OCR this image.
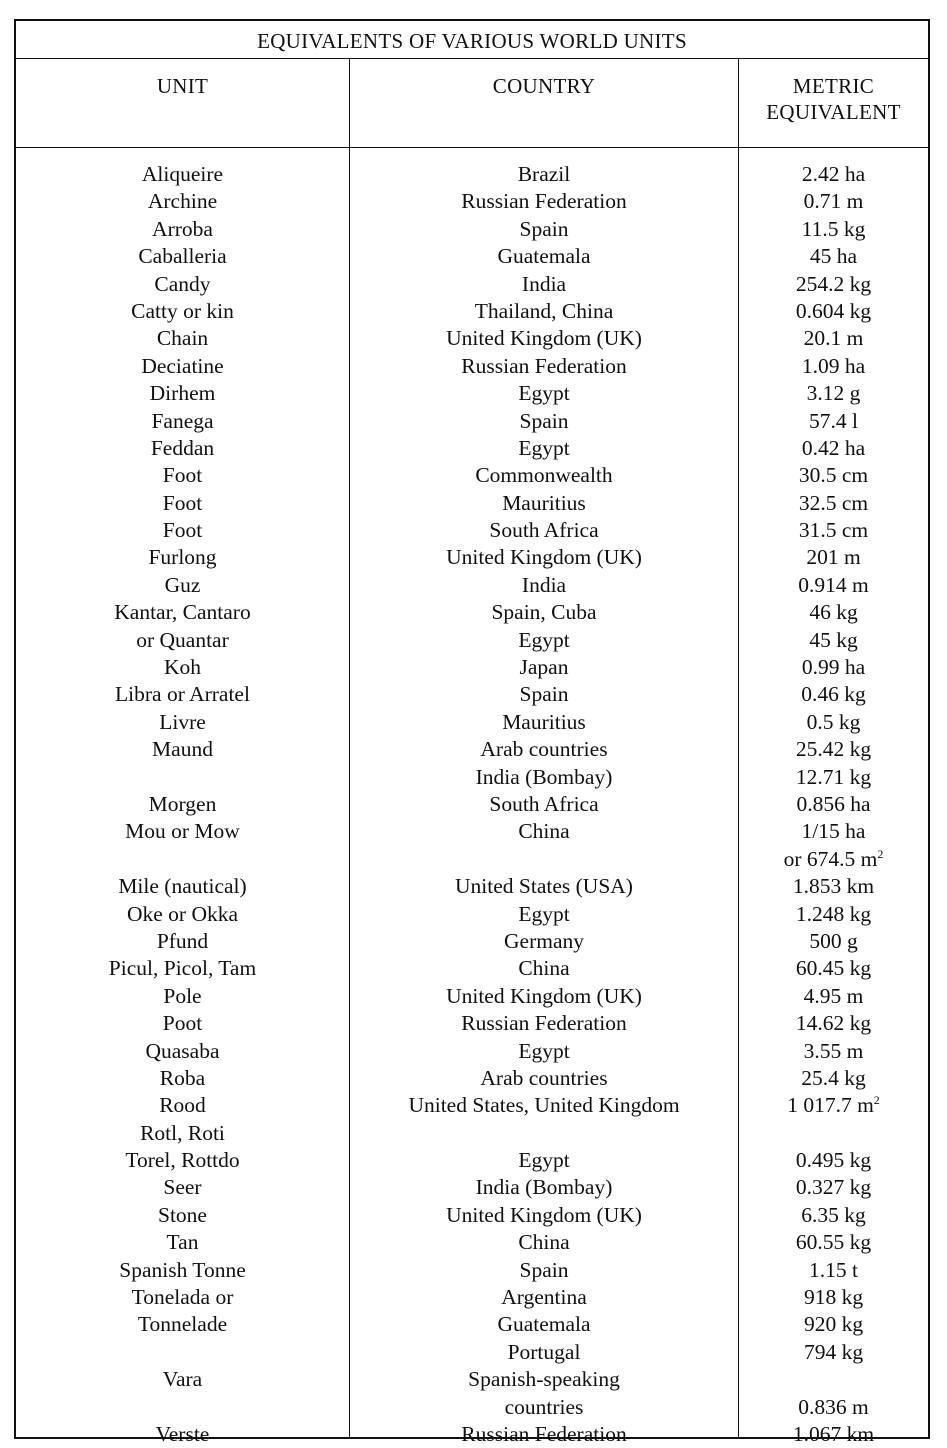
EQUIVALENTS OF VARIOUS WORLD UNITS
UNIT
Aliqueire
Archine
Arroba
Caballeria
Candy
Catty or kin
Chain
Deciatine
Dirhem
Fanega
Feddan
Foot
Foot
Foot
Furlong
Guz
Kantar, Cantaro
or Quantar
Koh
Libra or Arratel
Livre
Maund
Morgen
Mou or Mow
Mile (nautical)
Oke or Okka
Pfund
Picul, Picol, Tam
Pole
Poot
Quasaba
Roba
Rood
Rotl, Roti
Torel, Rottdo
Seer
Stone
Tan
Spanish Tonne
Tonelada or
Tonnelade
Vara
Verste
COUNTRY
Brazil
Russian Federation
Spain
Guatemala
India
Thailand, China
United Kingdom (UK)
Russian Federation
Egypt
Spain
Egypt
Commonwealth
Mauritius
South Africa
United Kingdom (UK)
India
Spain, Cuba
Egypt
Japan
Spain
Mauritius
Arab countries
India (Bombay)
South Africa
China
United States (USA)
Egypt
Germany
China
United Kingdom (UK)
Russian Federation
Egypt
Arab countries
United States, United Kingdom
Egypt
India (Bombay)
United Kingdom (UK)
China
Spain
Argentina
Guatemala
Portugal
Spanish-speaking
countries
Russian Federation
METRIC
EQUIVALENT
2.42 ha
0.71 m
11.5 kg
45 ha
254.2 kg
0.604 kg
20.1 m
1.09 ha
3.12 g
57.4 l
0.42 ha
30.5 cm
32.5 cm
31.5 cm
201 m
0.914 m
46 kg
45 kg
0.99 ha
0.46 kg
0.5 kg
25.42 kg
12.71 kg
0.856 ha
1/15 ha
or 674.5 $m^2$
1.853 km
1.248 kg
500 g
60.45 kg
4.95 m
14.62 kg
3.55 m
25.4 kg
1 017.7 $m^2$
0.495 kg
0.327 kg
6.35 kg
60.55 kg
1.15 t
918 kg
920 kg
794 kg
0.836 m
1.067 km
